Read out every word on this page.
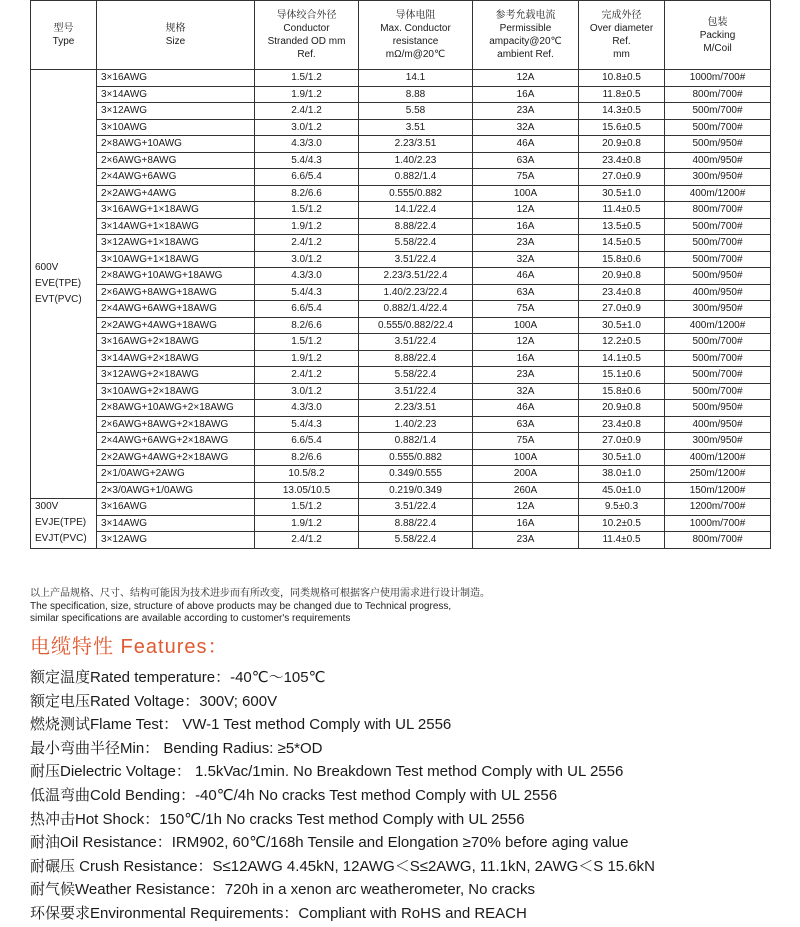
型号
Type	规格
Size	导体绞合外径
Conductor
Stranded OD mm
Ref.	导体电阻
Max. Conductor
resistance
mΩ/m@20℃	参考允载电流
Permissible
ampacity@20℃
ambient Ref.	完成外径
Over diameter
Ref.
mm	包装
Packing
M/Coil

600V
EVE(TPE)
EVT(PVC)	3×16AWG	1.5/1.2	14.1	12A	10.8±0.5	1000m/700#
	3×14AWG	1.9/1.2	8.88	16A	11.8±0.5	800m/700#
	3×12AWG	2.4/1.2	5.58	23A	14.3±0.5	500m/700#
	3×10AWG	3.0/1.2	3.51	32A	15.6±0.5	500m/700#
	2×8AWG+10AWG	4.3/3.0	2.23/3.51	46A	20.9±0.8	500m/950#
	2×6AWG+8AWG	5.4/4.3	1.40/2.23	63A	23.4±0.8	400m/950#
	2×4AWG+6AWG	6.6/5.4	0.882/1.4	75A	27.0±0.9	300m/950#
	2×2AWG+4AWG	8.2/6.6	0.555/0.882	100A	30.5±1.0	400m/1200#
	3×16AWG+1×18AWG	1.5/1.2	14.1/22.4	12A	11.4±0.5	800m/700#
	3×14AWG+1×18AWG	1.9/1.2	8.88/22.4	16A	13.5±0.5	500m/700#
	3×12AWG+1×18AWG	2.4/1.2	5.58/22.4	23A	14.5±0.5	500m/700#
	3×10AWG+1×18AWG	3.0/1.2	3.51/22.4	32A	15.8±0.6	500m/700#
	2×8AWG+10AWG+18AWG	4.3/3.0	2.23/3.51/22.4	46A	20.9±0.8	500m/950#
	2×6AWG+8AWG+18AWG	5.4/4.3	1.40/2.23/22.4	63A	23.4±0.8	400m/950#
	2×4AWG+6AWG+18AWG	6.6/5.4	0.882/1.4/22.4	75A	27.0±0.9	300m/950#
	2×2AWG+4AWG+18AWG	8.2/6.6	0.555/0.882/22.4	100A	30.5±1.0	400m/1200#
	3×16AWG+2×18AWG	1.5/1.2	3.51/22.4	12A	12.2±0.5	500m/700#
	3×14AWG+2×18AWG	1.9/1.2	8.88/22.4	16A	14.1±0.5	500m/700#
	3×12AWG+2×18AWG	2.4/1.2	5.58/22.4	23A	15.1±0.6	500m/700#
	3×10AWG+2×18AWG	3.0/1.2	3.51/22.4	32A	15.8±0.6	500m/700#
	2×8AWG+10AWG+2×18AWG	4.3/3.0	2.23/3.51	46A	20.9±0.8	500m/950#
	2×6AWG+8AWG+2×18AWG	5.4/4.3	1.40/2.23	63A	23.4±0.8	400m/950#
	2×4AWG+6AWG+2×18AWG	6.6/5.4	0.882/1.4	75A	27.0±0.9	300m/950#
	2×2AWG+4AWG+2×18AWG	8.2/6.6	0.555/0.882	100A	30.5±1.0	400m/1200#
	2×1/0AWG+2AWG	10.5/8.2	0.349/0.555	200A	38.0±1.0	250m/1200#
	2×3/0AWG+1/0AWG	13.05/10.5	0.219/0.349	260A	45.0±1.0	150m/1200#

300V
EVJE(TPE)
EVJT(PVC)	3×16AWG	1.5/1.2	3.51/22.4	12A	9.5±0.3	1200m/700#
	3×14AWG	1.9/1.2	8.88/22.4	16A	10.2±0.5	1000m/700#
	3×12AWG	2.4/1.2	5.58/22.4	23A	11.4±0.5	800m/700#
以上产品规格、尺寸、结构可能因为技术进步而有所改变，同类规格可根据客户使用需求进行设计制造。
The specification, size, structure of above products may be changed due to Technical progress,
similar specifications are available according to customer's requirements
电缆特性 Features：
额定温度Rated temperature：-40℃～105℃
额定电压Rated Voltage：300V; 600V
燃烧测试Flame Test： VW-1 Test method Comply with UL 2556
最小弯曲半径Min： Bending Radius: ≥5*OD
耐压Dielectric Voltage： 1.5kVac/1min. No Breakdown Test method Comply with UL 2556
低温弯曲Cold Bending：-40℃/4h No cracks Test method Comply with UL 2556
热冲击Hot Shock：150℃/1h No cracks Test method Comply with UL 2556
耐油Oil Resistance：IRM902, 60℃/168h Tensile and Elongation ≥70% before aging value
耐碾压 Crush Resistance：S≤12AWG 4.45kN, 12AWG＜S≤2AWG, 11.1kN, 2AWG＜S 15.6kN
耐气候Weather Resistance：720h in a xenon arc weatherometer, No cracks
环保要求Environmental Requirements：Compliant with RoHS and REACH
